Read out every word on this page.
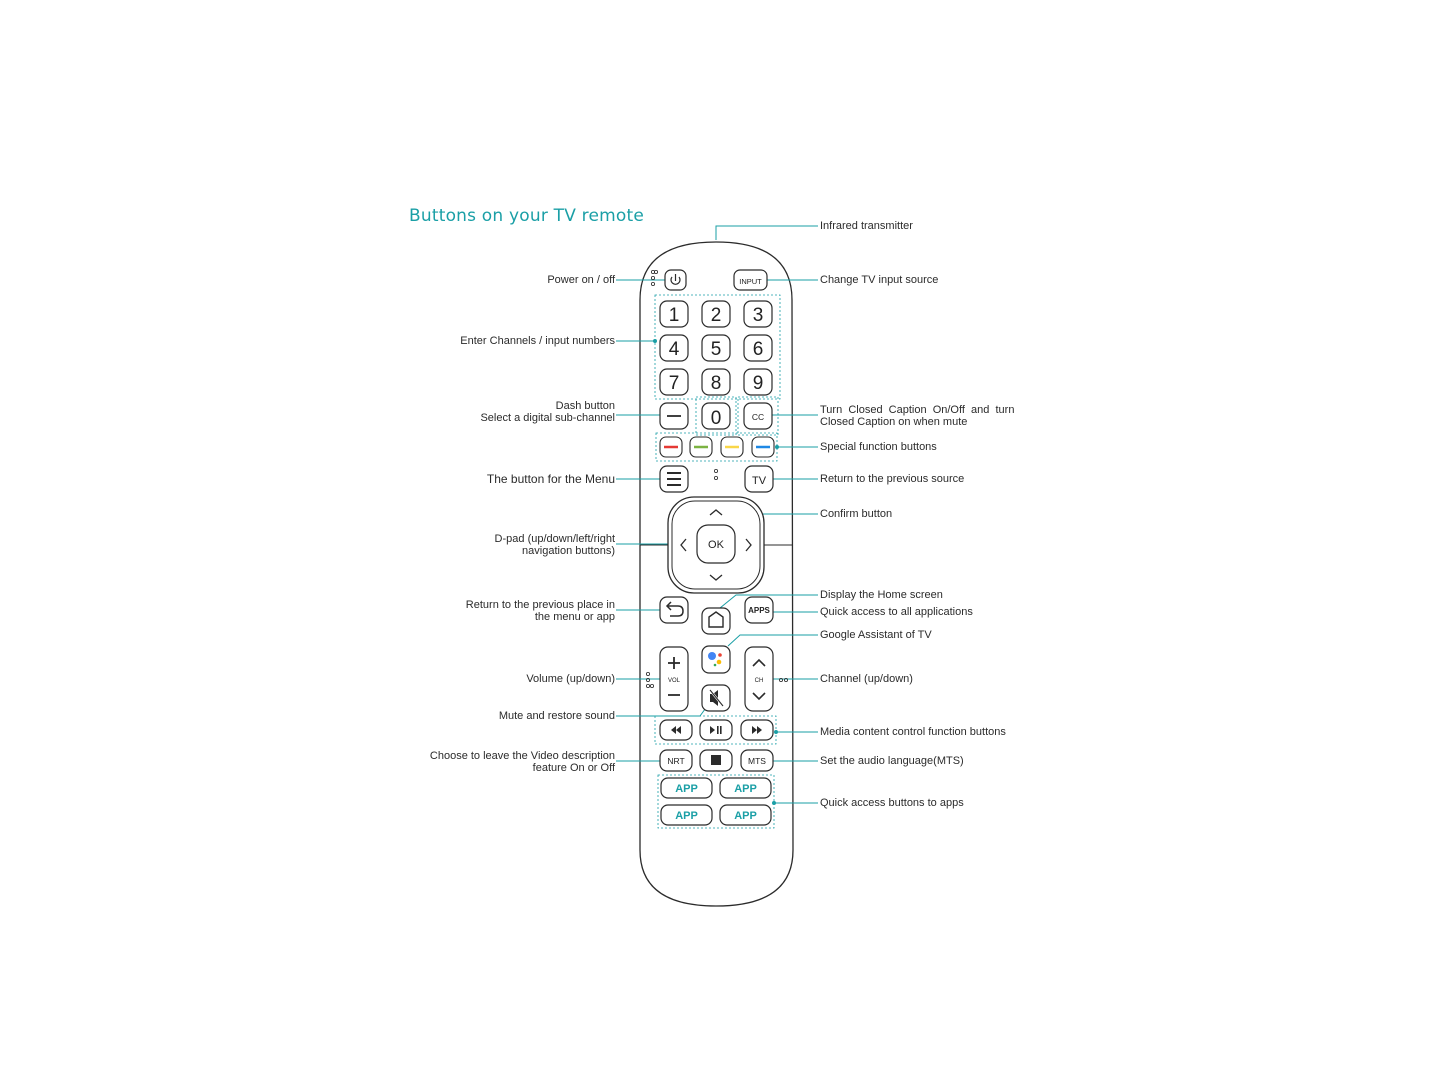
Buttons on your TV remote
INPUT
1 2 3
4 5 6
7 8 9
0	CC
TV
OK
APPS
VOL	CH
NRT	MTS
APP	APP
APP	APP
Power on / off
Enter Channels / input numbers
Dash button
Select a digital sub-channel
The button for the Menu
D-pad (up/down/left/right
navigation buttons)
Return to the previous place in
the menu or app
Volume (up/down)
Mute and restore sound
Choose to leave the Video description
feature On or Off
Infrared transmitter
Change TV input source
Turn  Closed  Caption  On/Off  and  turn
Closed Caption on when mute
Special function buttons
Return to the previous source
Confirm button
Display the Home screen
Quick access to all applications
Google Assistant of TV
Channel (up/down)
Media content control function buttons
Set the audio language(MTS)
Quick access buttons to apps
